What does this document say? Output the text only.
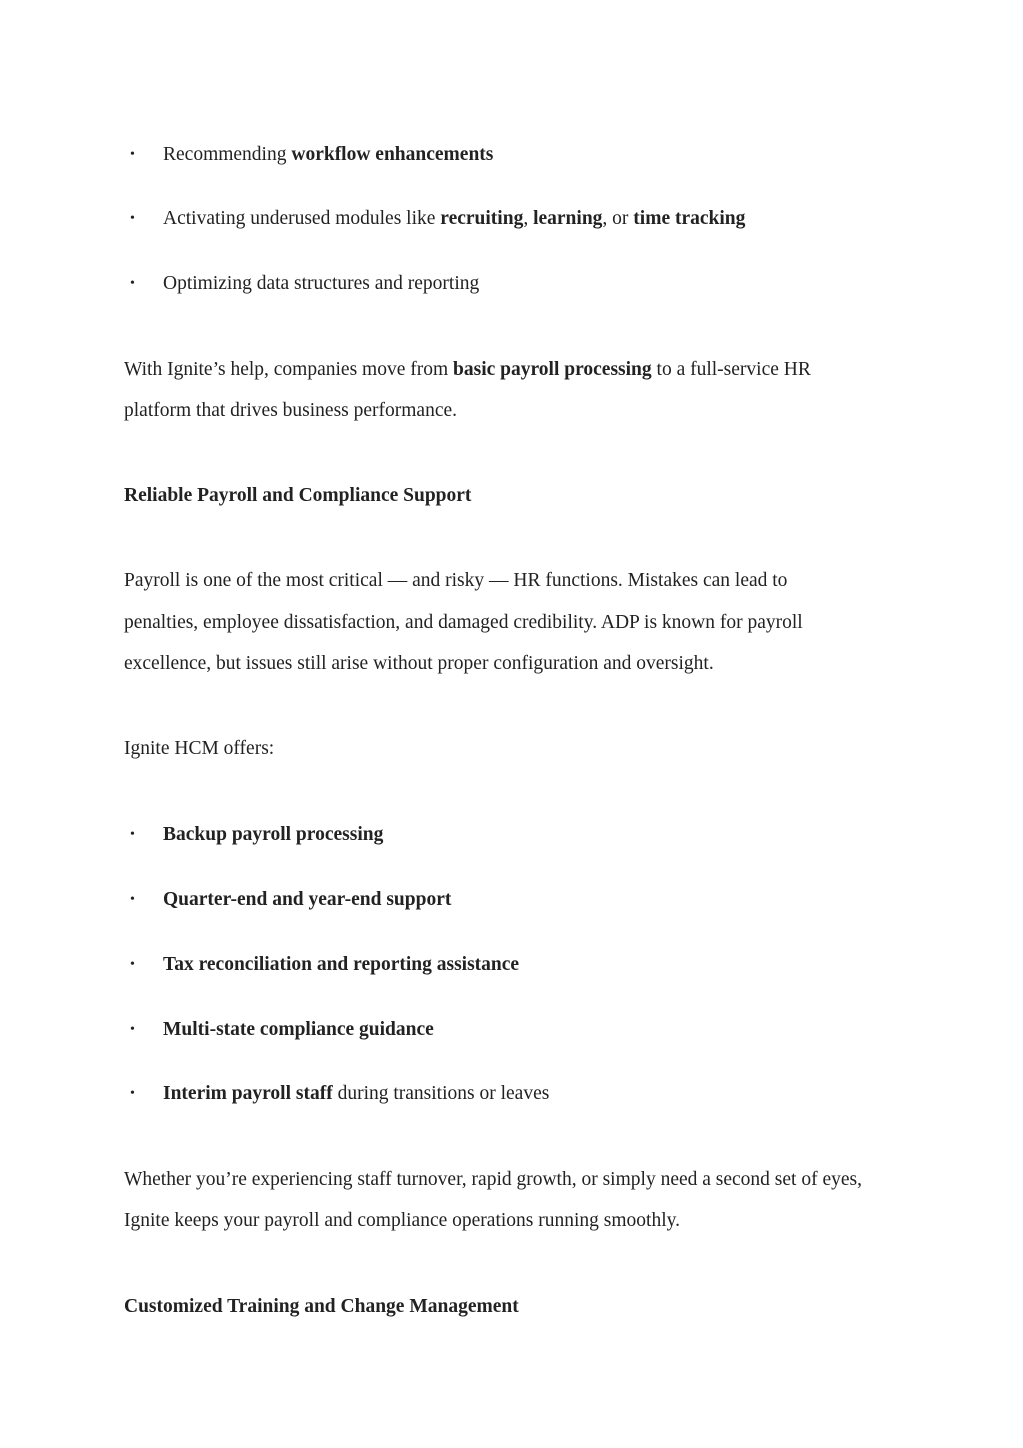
• Recommending workflow enhancements
• Activating underused modules like recruiting, learning, or time tracking
• Optimizing data structures and reporting
With Ignite’s help, companies move from basic payroll processing to a full-service HR
platform that drives business performance.
Reliable Payroll and Compliance Support
Payroll is one of the most critical — and risky — HR functions. Mistakes can lead to
penalties, employee dissatisfaction, and damaged credibility. ADP is known for payroll
excellence, but issues still arise without proper configuration and oversight.
Ignite HCM offers:
• Backup payroll processing
• Quarter-end and year-end support
• Tax reconciliation and reporting assistance
• Multi-state compliance guidance
• Interim payroll staff during transitions or leaves
Whether you’re experiencing staff turnover, rapid growth, or simply need a second set of eyes,
Ignite keeps your payroll and compliance operations running smoothly.
Customized Training and Change Management
